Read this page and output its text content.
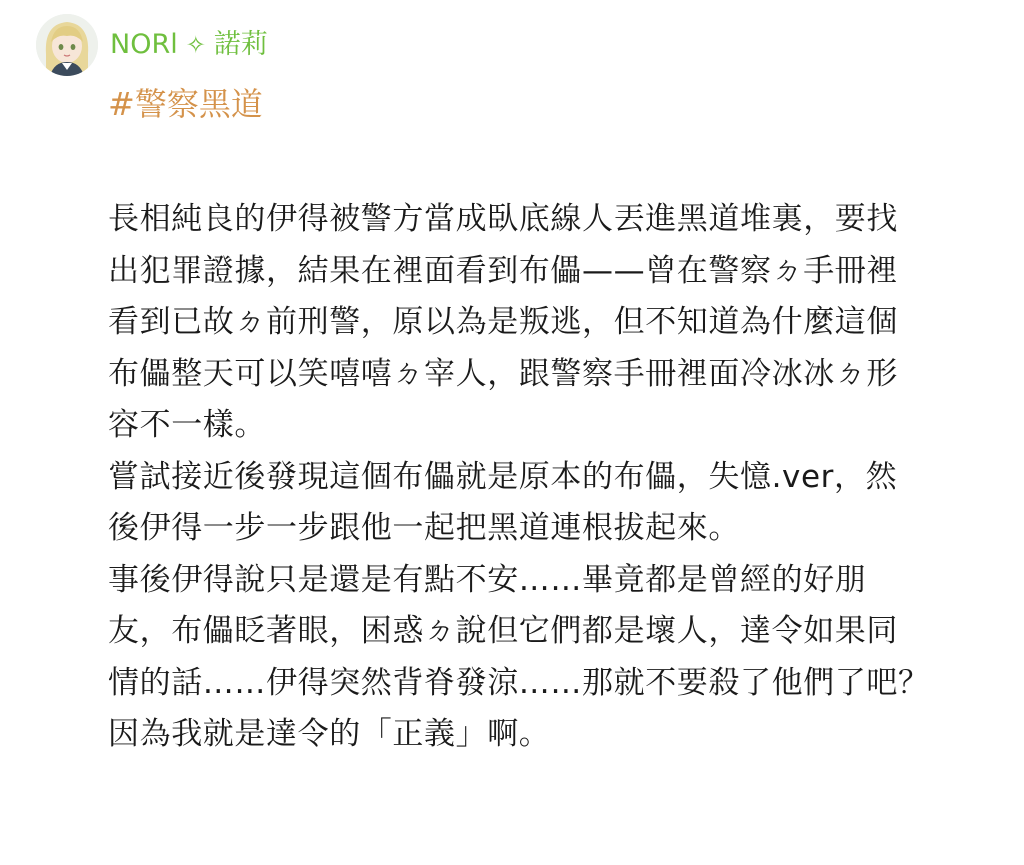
NORl ✧ 諾莉
#警察黑道

長相純良的伊得被警方當成臥底線人丟進黑道堆裏，要找

出犯罪證據，結果在裡面看到布儡——曾在警察ㄉ手冊裡

看到已故ㄉ前刑警，原以為是叛逃，但不知道為什麼這個

布儡整天可以笑嘻嘻ㄉ宰人，跟警察手冊裡面冷冰冰ㄉ形

容不一樣。

嘗試接近後發現這個布儡就是原本的布儡，失憶.ver，然

後伊得一步一步跟他一起把黑道連根拔起來。

事後伊得說只是還是有點不安……畢竟都是曾經的好朋

友，布儡眨著眼，困惑ㄉ說但它們都是壞人，達令如果同

情的話……伊得突然背脊發涼……那就不要殺了他們了吧？

因為我就是達令的「正義」啊。
